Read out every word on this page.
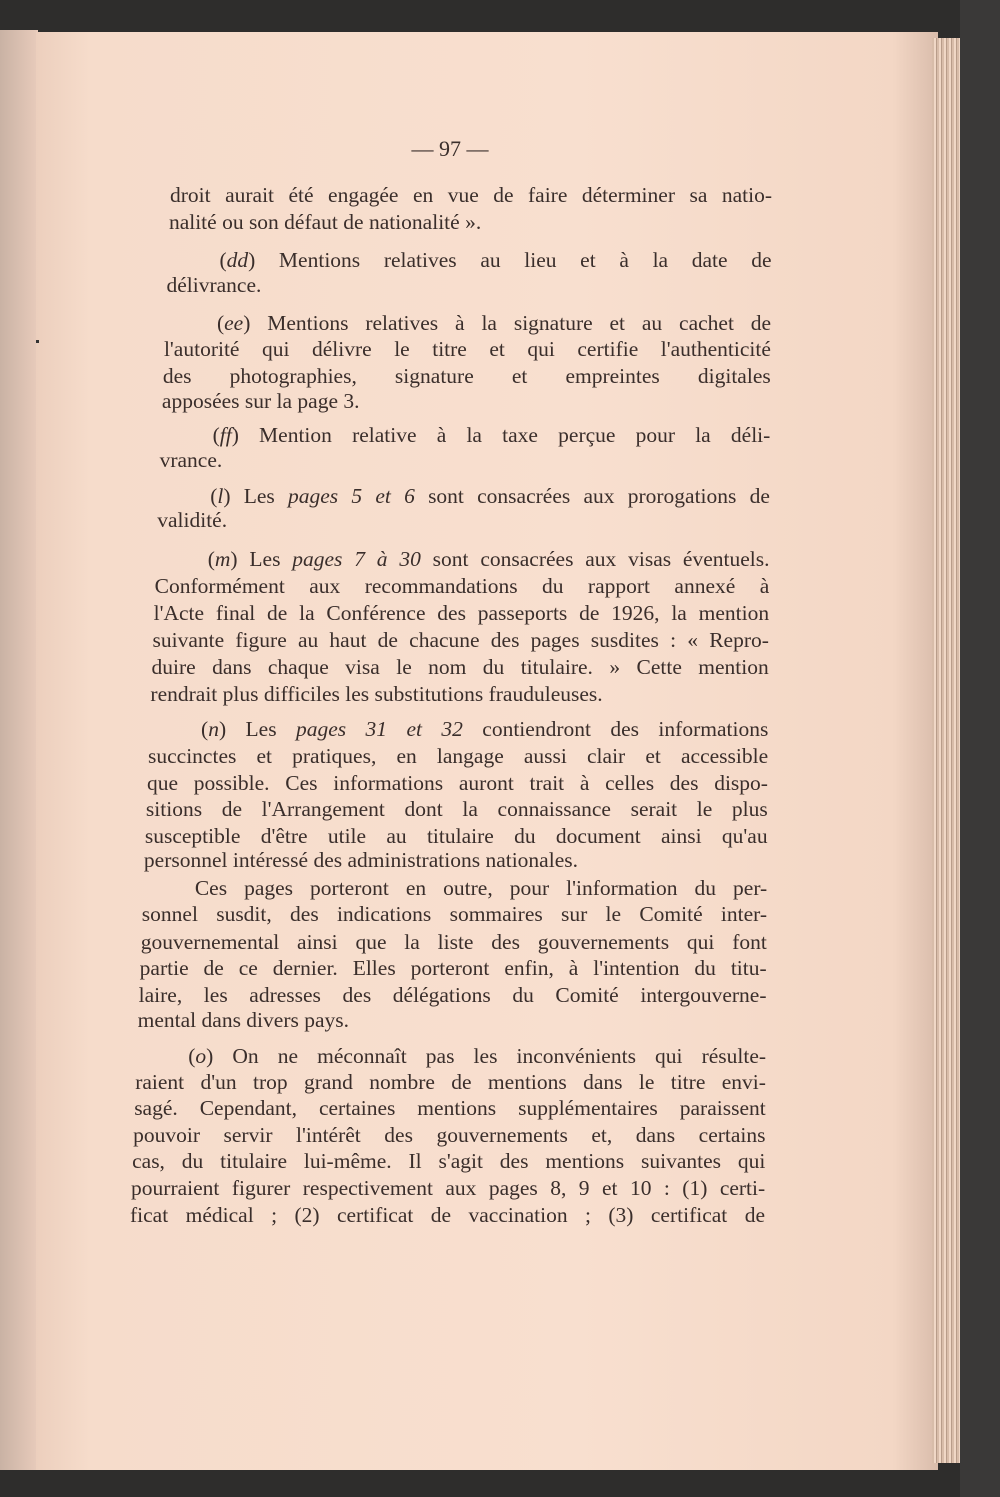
— 97 —
droit aurait été engagée en vue de faire déterminer sa natio-
nalité ou son défaut de nationalité ».
(dd) Mentions relatives au lieu et à la date de
délivrance.
(ee) Mentions relatives à la signature et au cachet de
l'autorité qui délivre le titre et qui certifie l'authenticité
des photographies, signature et empreintes digitales
apposées sur la page 3.
(ff) Mention relative à la taxe perçue pour la déli-
vrance.
(l) Les pages 5 et 6 sont consacrées aux prorogations de
validité.
(m) Les pages 7 à 30 sont consacrées aux visas éventuels.
Conformément aux recommandations du rapport annexé à
l'Acte final de la Conférence des passeports de 1926, la mention
suivante figure au haut de chacune des pages susdites : « Repro-
duire dans chaque visa le nom du titulaire. » Cette mention
rendrait plus difficiles les substitutions frauduleuses.
(n) Les pages 31 et 32 contiendront des informations
succinctes et pratiques, en langage aussi clair et accessible
que possible. Ces informations auront trait à celles des dispo-
sitions de l'Arrangement dont la connaissance serait le plus
susceptible d'être utile au titulaire du document ainsi qu'au
personnel intéressé des administrations nationales.
Ces pages porteront en outre, pour l'information du per-
sonnel susdit, des indications sommaires sur le Comité inter-
gouvernemental ainsi que la liste des gouvernements qui font
partie de ce dernier. Elles porteront enfin, à l'intention du titu-
laire, les adresses des délégations du Comité intergouverne-
mental dans divers pays.
(o) On ne méconnaît pas les inconvénients qui résulte-
raient d'un trop grand nombre de mentions dans le titre envi-
sagé. Cependant, certaines mentions supplémentaires paraissent
pouvoir servir l'intérêt des gouvernements et, dans certains
cas, du titulaire lui-même. Il s'agit des mentions suivantes qui
pourraient figurer respectivement aux pages 8, 9 et 10 : (1) certi-
ficat médical ; (2) certificat de vaccination ; (3) certificat de
